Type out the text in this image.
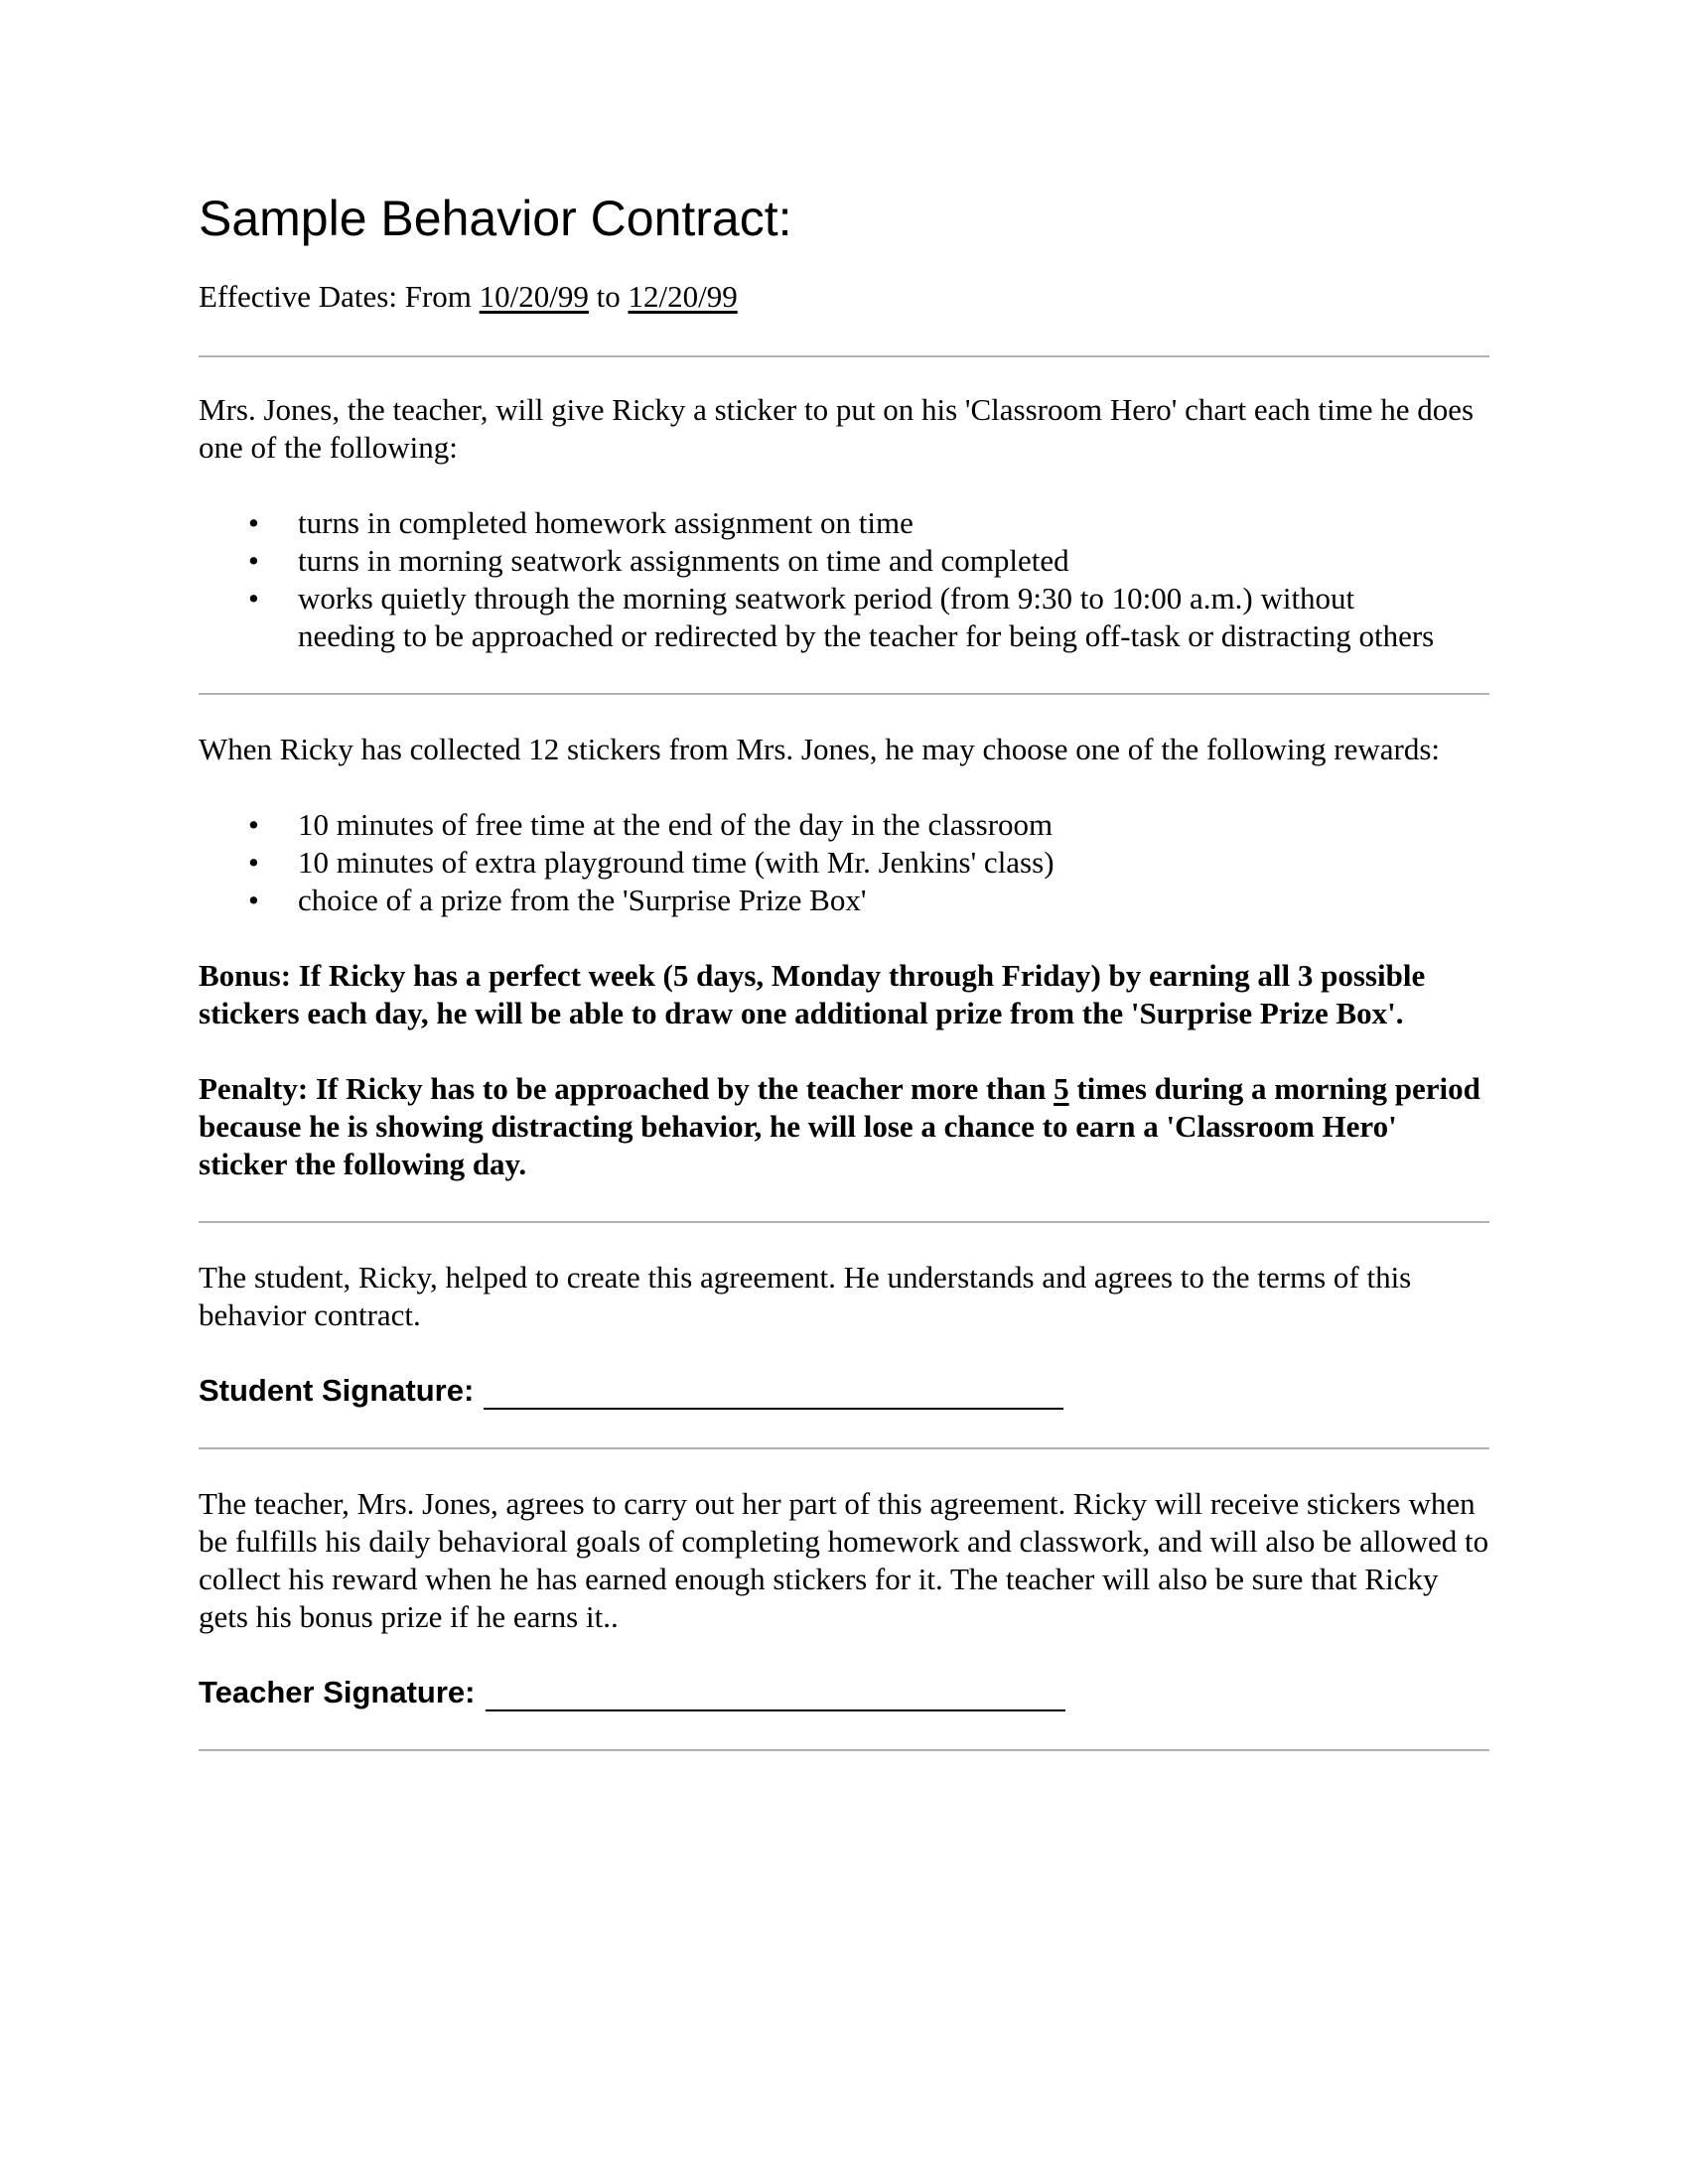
Sample Behavior Contract:

Effective Dates: From 10/20/99 to 12/20/99

Mrs. Jones, the teacher, will give Ricky a sticker to put on his 'Classroom Hero' chart each time he does one of the following:

• turns in completed homework assignment on time
• turns in morning seatwork assignments on time and completed
• works quietly through the morning seatwork period (from 9:30 to 10:00 a.m.) without needing to be approached or redirected by the teacher for being off-task or distracting others

When Ricky has collected 12 stickers from Mrs. Jones, he may choose one of the following rewards:

• 10 minutes of free time at the end of the day in the classroom
• 10 minutes of extra playground time (with Mr. Jenkins' class)
• choice of a prize from the 'Surprise Prize Box'

Bonus: If Ricky has a perfect week (5 days, Monday through Friday) by earning all 3 possible stickers each day, he will be able to draw one additional prize from the 'Surprise Prize Box'.

Penalty: If Ricky has to be approached by the teacher more than 5 times during a morning period because he is showing distracting behavior, he will lose a chance to earn a 'Classroom Hero' sticker the following day.

The student, Ricky, helped to create this agreement. He understands and agrees to the terms of this behavior contract.

Student Signature:

The teacher, Mrs. Jones, agrees to carry out her part of this agreement. Ricky will receive stickers when be fulfills his daily behavioral goals of completing homework and classwork, and will also be allowed to collect his reward when he has earned enough stickers for it. The teacher will also be sure that Ricky gets his bonus prize if he earns it..

Teacher Signature:
